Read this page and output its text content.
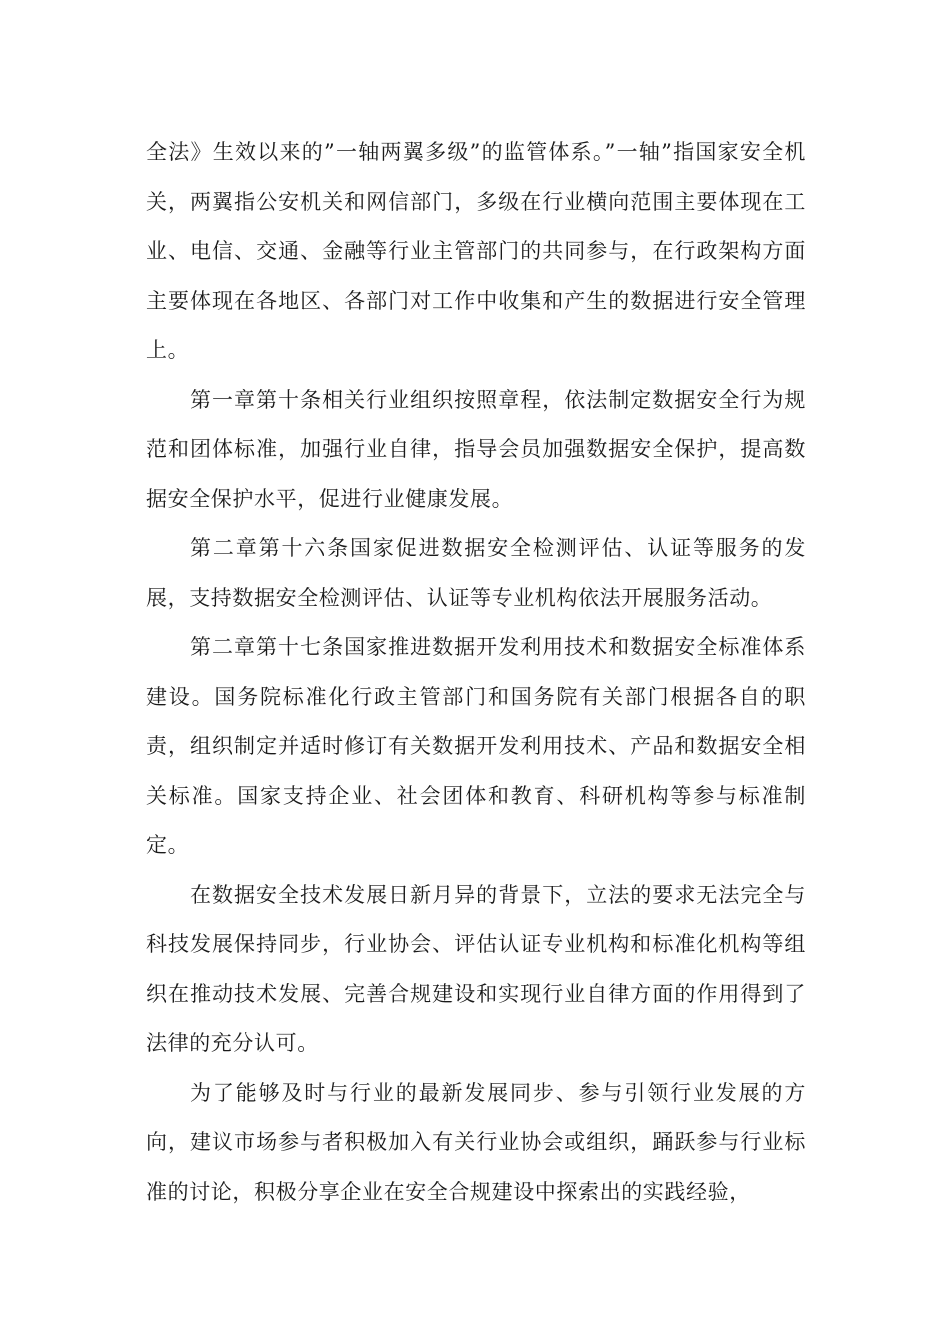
全法》生效以来的”一轴两翼多级”的监管体系。”一轴”指国家安全机关，两翼指公安机关和网信部门，多级在行业横向范围主要体现在工业、电信、交通、金融等行业主管部门的共同参与，在行政架构方面主要体现在各地区、各部门对工作中收集和产生的数据进行安全管理上。

第一章第十条相关行业组织按照章程，依法制定数据安全行为规范和团体标准，加强行业自律，指导会员加强数据安全保护，提高数据安全保护水平，促进行业健康发展。

第二章第十六条国家促进数据安全检测评估、认证等服务的发展，支持数据安全检测评估、认证等专业机构依法开展服务活动。

第二章第十七条国家推进数据开发利用技术和数据安全标准体系建设。国务院标准化行政主管部门和国务院有关部门根据各自的职责，组织制定并适时修订有关数据开发利用技术、产品和数据安全相关标准。国家支持企业、社会团体和教育、科研机构等参与标准制定。

在数据安全技术发展日新月异的背景下，立法的要求无法完全与科技发展保持同步，行业协会、评估认证专业机构和标准化机构等组织在推动技术发展、完善合规建设和实现行业自律方面的作用得到了法律的充分认可。

为了能够及时与行业的最新发展同步、参与引领行业发展的方向，建议市场参与者积极加入有关行业协会或组织，踊跃参与行业标准的讨论，积极分享企业在安全合规建设中探索出的实践经验，
